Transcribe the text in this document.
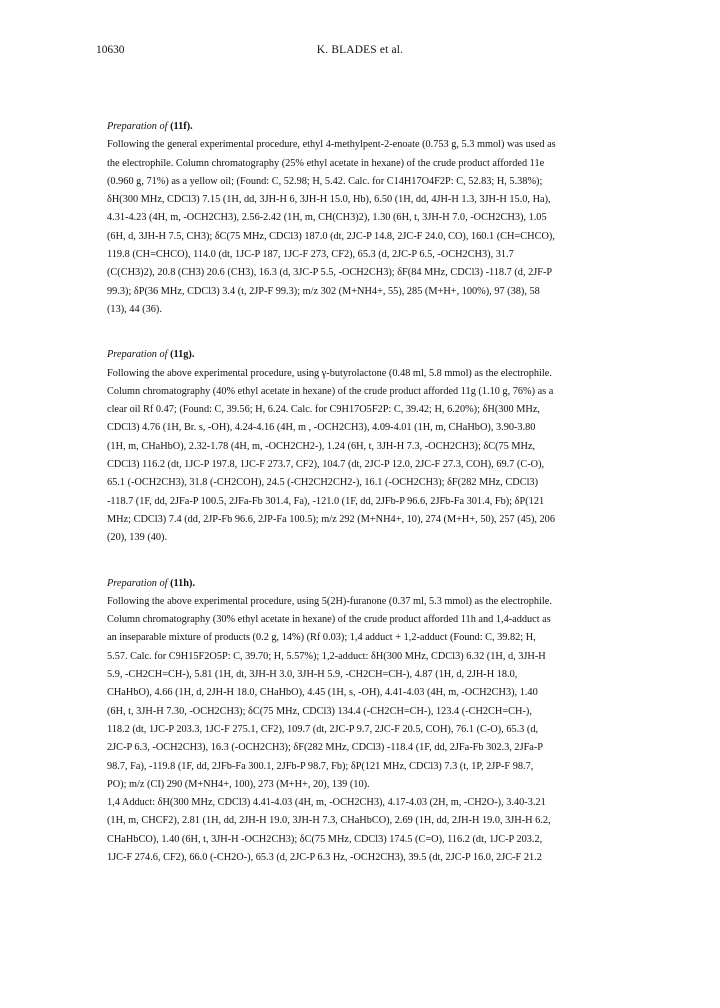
10630	K. BLADES et al.

Preparation of (11f).

Following the general experimental procedure, ethyl 4-methylpent-2-enoate (0.753 g, 5.3 mmol) was used as

the electrophile. Column chromatography (25% ethyl acetate in hexane) of the crude product afforded 11e

(0.960 g, 71%) as a yellow oil; (Found: C, 52.98; H, 5.42. Calc. for C14H17O4F2P: C, 52.83; H, 5.38%);

δH(300 MHz, CDCl3) 7.15 (1H, dd, 3JH-H 6, 3JH-H 15.0, Hb), 6.50 (1H, dd, 4JH-H 1.3, 3JH-H 15.0, Ha),

4.31-4.23 (4H, m, -OCH2CH3), 2.56-2.42 (1H, m, CH(CH3)2), 1.30 (6H, t, 3JH-H 7.0, -OCH2CH3), 1.05

(6H, d, 3JH-H 7.5, CH3); δC(75 MHz, CDCl3) 187.0 (dt, 2JC-P 14.8, 2JC-F 24.0, CO), 160.1 (CH=CHCO),

119.8 (CH=CHCO), 114.0 (dt, 1JC-P 187, 1JC-F 273, CF2), 65.3 (d, 2JC-P 6.5, -OCH2CH3), 31.7

(C(CH3)2), 20.8 (CH3) 20.6 (CH3), 16.3 (d, 3JC-P 5.5, -OCH2CH3); δF(84 MHz, CDCl3) -118.7 (d, 2JF-P

99.3); δP(36 MHz, CDCl3) 3.4 (t, 2JP-F 99.3); m/z 302 (M+NH4+, 55), 285 (M+H+, 100%), 97 (38), 58

(13), 44 (36).

Preparation of (11g).

Following the above experimental procedure, using γ-butyrolactone (0.48 ml, 5.8 mmol) as the electrophile.

Column chromatography (40% ethyl acetate in hexane) of the crude product afforded 11g (1.10 g, 76%) as a

clear oil Rf 0.47; (Found: C, 39.56; H, 6.24. Calc. for C9H17O5F2P: C, 39.42; H, 6.20%); δH(300 MHz,

CDCl3) 4.76 (1H, Br. s, -OH), 4.24-4.16 (4H, m , -OCH2CH3), 4.09-4.01 (1H, m, CHaHbO), 3.90-3.80

(1H, m, CHaHbO), 2.32-1.78 (4H, m, -OCH2CH2-), 1.24 (6H, t, 3JH-H 7.3, -OCH2CH3); δC(75 MHz,

CDCl3) 116.2 (dt, 1JC-P 197.8, 1JC-F 273.7, CF2), 104.7 (dt, 2JC-P 12.0, 2JC-F 27.3, COH), 69.7 (C-O),

65.1 (-OCH2CH3), 31.8 (-CH2COH), 24.5 (-CH2CH2CH2-), 16.1 (-OCH2CH3); δF(282 MHz, CDCl3)

-118.7 (1F, dd, 2JFa-P 100.5, 2JFa-Fb 301.4, Fa), -121.0 (1F, dd, 2JFb-P 96.6, 2JFb-Fa 301.4, Fb); δP(121

MHz; CDCl3) 7.4 (dd, 2JP-Fb 96.6, 2JP-Fa 100.5); m/z 292 (M+NH4+, 10), 274 (M+H+, 50), 257 (45), 206

(20), 139 (40).

Preparation of (11h).

Following the above experimental procedure, using 5(2H)-furanone (0.37 ml, 5.3 mmol) as the electrophile.

Column chromatography (30% ethyl acetate in hexane) of the crude product afforded 11h and 1,4-adduct as

an inseparable mixture of products (0.2 g, 14%) (Rf 0.03); 1,4 adduct + 1,2-adduct (Found: C, 39.82; H,

5.57. Calc. for C9H15F2O5P: C, 39.70; H, 5.57%); 1,2-adduct: δH(300 MHz, CDCl3) 6.32 (1H, d, 3JH-H

5.9, -CH2CH=CH-), 5.81 (1H, dt, 3JH-H 3.0, 3JH-H 5.9, -CH2CH=CH-), 4.87 (1H, d, 2JH-H 18.0,

CHaHbO), 4.66 (1H, d, 2JH-H 18.0, CHaHbO), 4.45 (1H, s, -OH), 4.41-4.03 (4H, m, -OCH2CH3), 1.40

(6H, t, 3JH-H 7.30, -OCH2CH3); δC(75 MHz, CDCl3) 134.4 (-CH2CH=CH-), 123.4 (-CH2CH=CH-),

118.2 (dt, 1JC-P 203.3, 1JC-F 275.1, CF2), 109.7 (dt, 2JC-P 9.7, 2JC-F 20.5, COH), 76.1 (C-O), 65.3 (d,

2JC-P 6.3, -OCH2CH3), 16.3 (-OCH2CH3); δF(282 MHz, CDCl3) -118.4 (1F, dd, 2JFa-Fb 302.3, 2JFa-P

98.7, Fa), -119.8 (1F, dd, 2JFb-Fa 300.1, 2JFb-P 98.7, Fb); δP(121 MHz, CDCl3) 7.3 (t, 1P, 2JP-F 98.7,

PO); m/z (CI) 290 (M+NH4+, 100), 273 (M+H+, 20), 139 (10).

1,4 Adduct: δH(300 MHz, CDCl3) 4.41-4.03 (4H, m, -OCH2CH3), 4.17-4.03 (2H, m, -CH2O-), 3.40-3.21

(1H, m, CHCF2), 2.81 (1H, dd, 2JH-H 19.0, 3JH-H 7.3, CHaHbCO), 2.69 (1H, dd, 2JH-H 19.0, 3JH-H 6.2,

CHaHbCO), 1.40 (6H, t, 3JH-H -OCH2CH3); δC(75 MHz, CDCl3) 174.5 (C=O), 116.2 (dt, 1JC-P 203.2,

1JC-F 274.6, CF2), 66.0 (-CH2O-), 65.3 (d, 2JC-P 6.3 Hz, -OCH2CH3), 39.5 (dt, 2JC-P 16.0, 2JC-F 21.2
